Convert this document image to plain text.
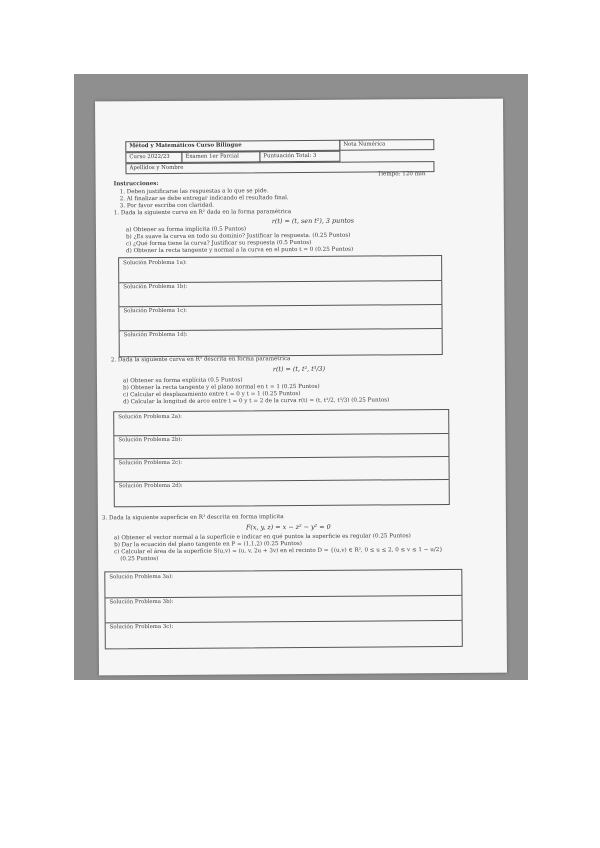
Métod y Matemáticos Curso Bilingue	Nota Numérica
Curso 2022/23	Examen 1er Parcial	Puntuación Total: 3
Apellidos y Nombre
Tiempo: 120 min
Instrucciones:
1. Deben justificarse las respuestas a lo que se pide.
2. Al finalizar se debe entregar indicando el resultado final.
3. Por favor escriba con claridad.
1. Dada la siguiente curva en R² dada en la forma paramétrica
r(t) = (t, sen t²), 3 puntos
a) Obtener su forma implícita (0.5 Puntos)
b) ¿Es suave la curva en todo su dominio? Justificar la respuesta. (0.25 Puntos)
c) ¿Qué forma tiene la curva? Justificar su respuesta (0.5 Puntos)
d) Obtener la recta tangente y normal a la curva en el punto t = 0 (0.25 Puntos)
Solución Problema 1a):
Solución Problema 1b):
Solución Problema 1c):
Solución Problema 1d):
2. Dada la siguiente curva en R³ descrita en forma paramétrica
r(t) = (t, t², t³/3)
a) Obtener su forma explícita (0.5 Puntos)
b) Obtener la recta tangente y el plano normal en t = 1 (0.25 Puntos)
c) Calcular el desplazamiento entre t = 0 y t = 1 (0.25 Puntos)
d) Calcular la longitud de arco entre t = 0 y t = 2 de la curva r(t) = (t, t²/2, t³/3) (0.25 Puntos)
Solución Problema 2a):
Solución Problema 2b):
Solución Problema 2c):
Solución Problema 2d):
3. Dada la siguiente superficie en R³ descrita en forma implícita
F(x, y, z) = x − z² − y² = 0
a) Obtener el vector normal a la superficie e indicar en qué puntos la superficie es regular (0.25 Puntos)
b) Dar la ecuación del plano tangente en P = (1,1,2) (0.25 Puntos)
c) Calcular el área de la superficie S(u,v) = (u, v, 2u + 3v) en el recinto D = {(u,v) ∈ R², 0 ≤ u ≤ 2, 0 ≤ v ≤ 1 − u/2}
(0.25 Puntos)
Solución Problema 3a):
Solución Problema 3b):
Solución Problema 3c):
